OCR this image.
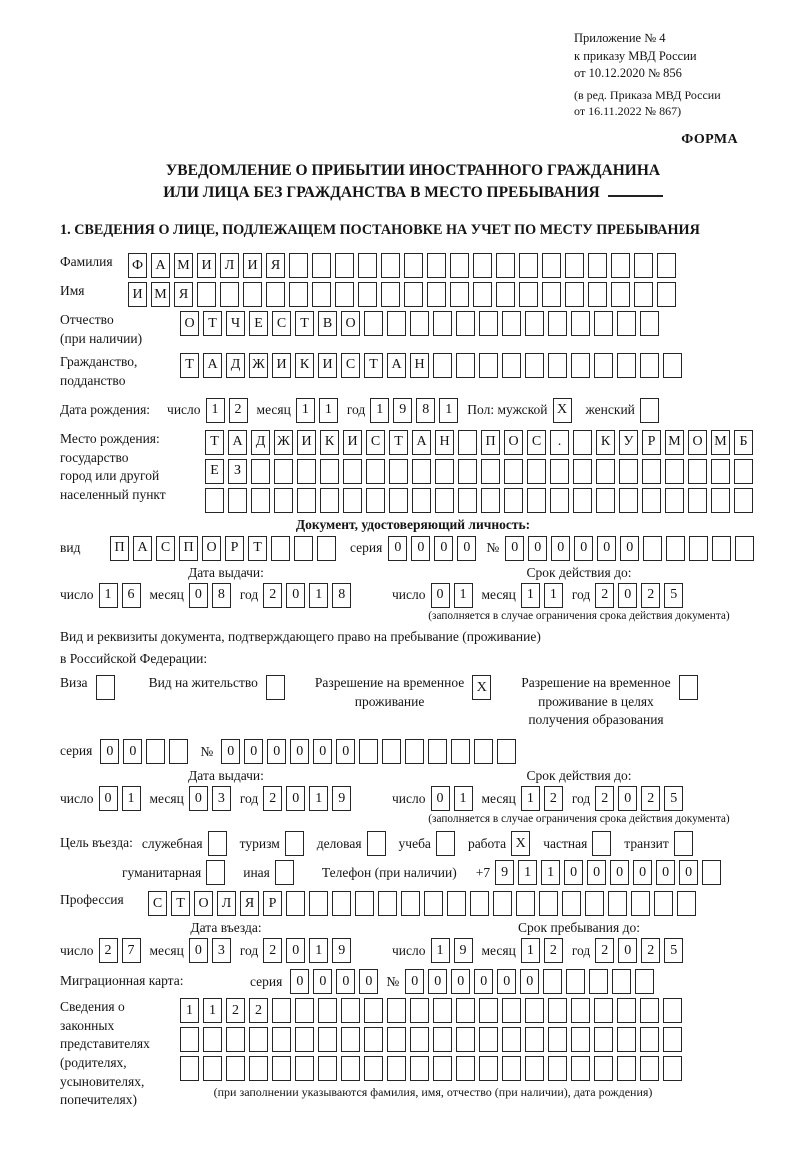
Приложение № 4
к приказу МВД России
от 10.12.2020 № 856
(в ред. Приказа МВД России
от 16.11.2022 № 867)
ФОРМА
УВЕДОМЛЕНИЕ О ПРИБЫТИИ ИНОСТРАННОГО ГРАЖДАНИНА
ИЛИ ЛИЦА БЕЗ ГРАЖДАНСТВА В МЕСТО ПРЕБЫВАНИЯ
1. СВЕДЕНИЯ О ЛИЦЕ, ПОДЛЕЖАЩЕМ ПОСТАНОВКЕ НА УЧЕТ ПО МЕСТУ ПРЕБЫВАНИЯ
Фамилия	Ф А М И Л И Я
Имя	И М Я
Отчество
(при наличии)
О Т	Ч	Е	С	Т	В О
Гражданство,
подданство
Т А Д Ж И К И С	Т А Н
Дата рождения: число 1	2	месяц 1	1	год 1	9	8	1	Пол: мужской X	женский
Место рождения:
государство
город или другой
населенный пункт
Т А Д Ж И К И С	Т А Н	П О С	.	К У	Р М О М Б
Е	З
Документ, удостоверяющий личность:
вид	П А С П О	Р	Т	серия 0	0	0	0	№ 0	0	0	0	0	0
Дата выдачи:
число 1	6	месяц 0	8	год 2	0	1	8
Срок действия до:
число 0	1	месяц 1	1	год 2	0	2	5
(заполняется в случае ограничения срока действия документа)
Вид и реквизиты документа, подтверждающего право на пребывание (проживание)
в Российской Федерации:
Виза	Вид на жительство	Разрешение на временное
проживание
X	Разрешение на временное
проживание в целях
получения образования
серия	0	0	№	0	0	0	0	0	0
Дата выдачи:
число 0	1	месяц 0	3	год 2	0	1	9
Срок действия до:
число 0	1	месяц 1	2	год 2	0	2	5
(заполняется в случае ограничения срока действия документа)
Цель въезда: служебная	туризм	деловая	учеба	работа X	частная	транзит
гуманитарная	иная	Телефон (при наличии) +7 9	1	1	0	0	0	0	0	0
Профессия	С	Т О Л Я	Р
Дата въезда:
число 2	7	месяц 0	3	год 2	0	1	9
Срок пребывания до:
число 1	9	месяц 1	2	год 2	0	2	5
Миграционная карта:	серия	0	0	0	0	№ 0	0	0	0	0	0
Сведения о
законных
представителях
(родителях,
усыновителях,
попечителях)
1	1	2	2
(при заполнении указываются фамилия, имя, отчество (при наличии), дата рождения)
